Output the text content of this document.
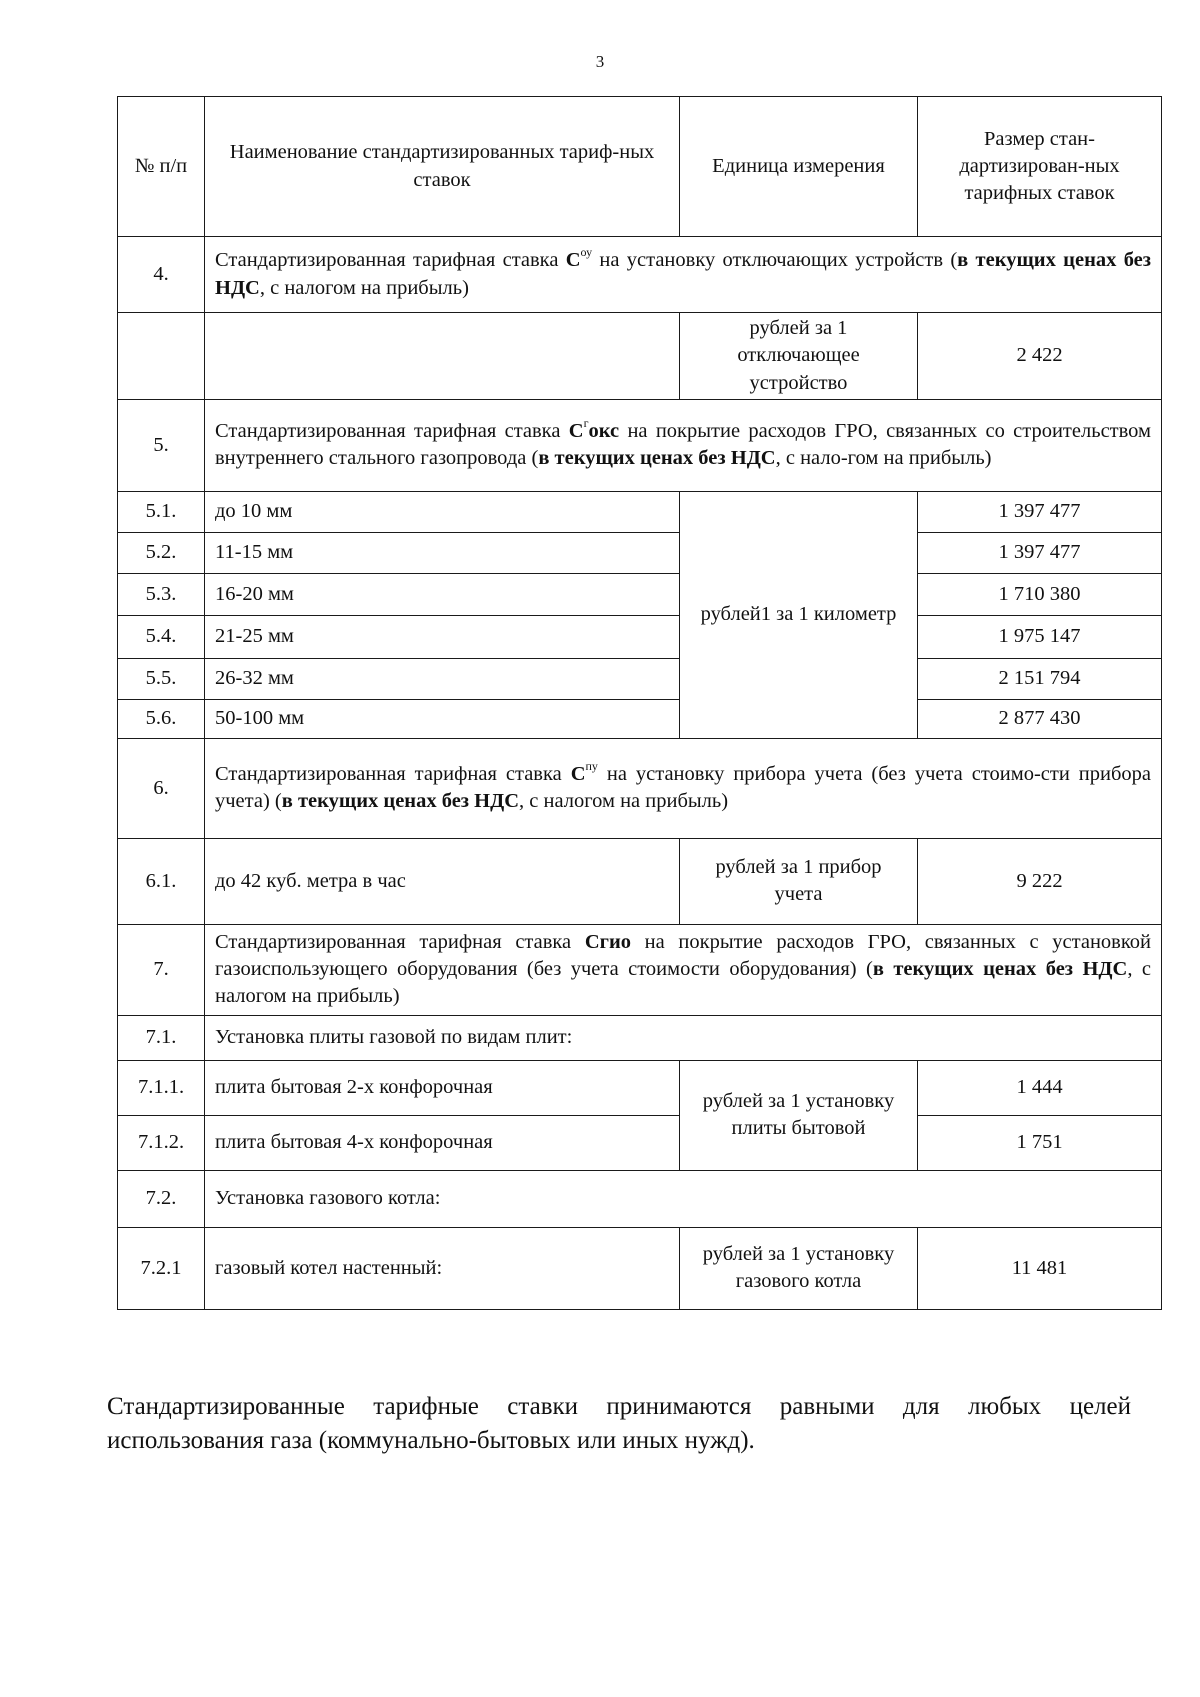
3
№ п/п	Наименование стандартизированных тариф-ных ставок	Единица измерения	Размер стан-дартизирован-ных тарифных ставок
4.	Стандартизированная тарифная ставка $С^{оу}$ на установку отключающих устройств (в текущих ценах без НДС, с налогом на прибыль)		
		рублей за 1 отключающее устройство	2 422
5.	Стандартизированная тарифная ставка $С^гокс$ на покрытие расходов ГРО, связанных со строительством внутреннего стального газопровода (в текущих ценах без НДС, с нало-гом на прибыль)		
5.1.	до 10 мм	рублей1 за 1 километр	1 397 477
5.2.	11-15 мм		1 397 477
5.3.	16-20 мм		1 710 380
5.4.	21-25 мм		1 975 147
5.5.	26-32 мм		2 151 794
5.6.	50-100 мм		2 877 430
6.	Стандартизированная тарифная ставка $С^{пу}$ на установку прибора учета (без учета стоимо-сти прибора учета) (в текущих ценах без НДС, с налогом на прибыль)		
6.1.	до 42 куб. метра в час	рублей за 1 прибор учета	9 222
7.	Стандартизированная тарифная ставка Сгио на покрытие расходов ГРО, связанных с установкой газоиспользующего оборудования (без учета стоимости оборудования) (в текущих ценах без НДС, с налогом на прибыль)		
7.1.	Установка плиты газовой по видам плит:		
7.1.1.	плита бытовая 2-х конфорочная	рублей за 1 установку плиты бытовой	1 444
7.1.2.	плита бытовая 4-х конфорочная		1 751
7.2.	Установка газового котла:		
7.2.1	газовый котел настенный:	рублей за 1 установку газового котла	11 481
Стандартизированные тарифные ставки принимаются равными для любых целей использования газа (коммунально-бытовых или иных нужд).
